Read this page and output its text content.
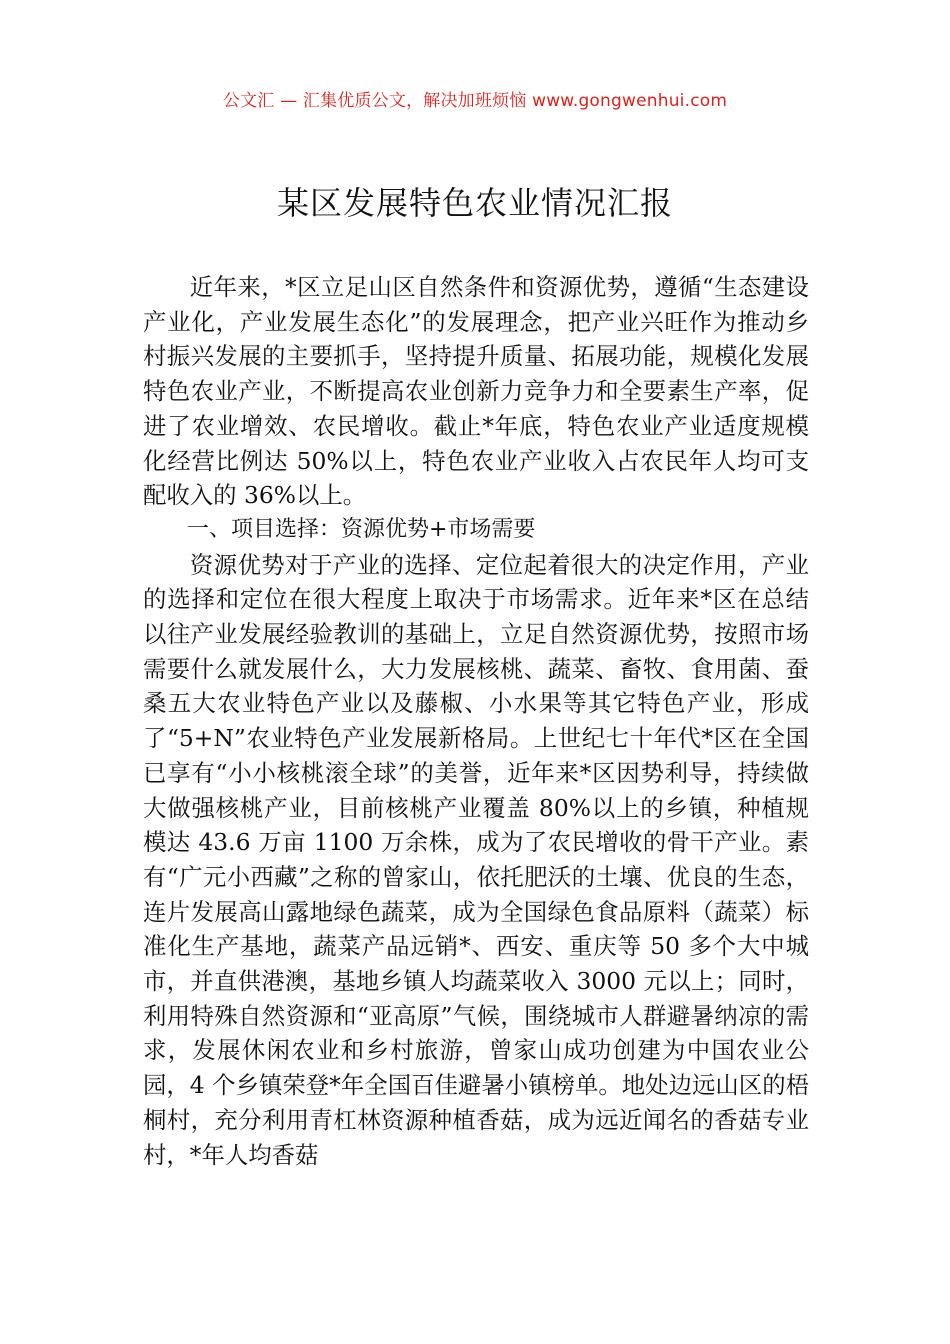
公文汇 — 汇集优质公文，解决加班烦恼 www.gongwenhui.com
某区发展特色农业情况汇报

近年来，*区立足山区自然条件和资源优势，遵循“生态建设产业化，产业发展生态化”的发展理念，把产业兴旺作为推动乡村振兴发展的主要抓手，坚持提升质量、拓展功能，规模化发展特色农业产业，不断提高农业创新力竞争力和全要素生产率，促进了农业增效、农民增收。截止*年底，特色农业产业适度规模化经营比例达 50%以上，特色农业产业收入占农民年人均可支配收入的 36%以上。

一、项目选择：资源优势+市场需要

资源优势对于产业的选择、定位起着很大的决定作用，产业的选择和定位在很大程度上取决于市场需求。近年来*区在总结以往产业发展经验教训的基础上，立足自然资源优势，按照市场需要什么就发展什么，大力发展核桃、蔬菜、畜牧、食用菌、蚕桑五大农业特色产业以及藤椒、小水果等其它特色产业，形成了“5+N”农业特色产业发展新格局。上世纪七十年代*区在全国已享有“小小核桃滚全球”的美誉，近年来*区因势利导，持续做大做强核桃产业，目前核桃产业覆盖 80%以上的乡镇，种植规模达 43.6 万亩 1100 万余株，成为了农民增收的骨干产业。素有“广元小西藏”之称的曾家山，依托肥沃的土壤、优良的生态，连片发展高山露地绿色蔬菜，成为全国绿色食品原料（蔬菜）标准化生产基地，蔬菜产品远销*、西安、重庆等 50 多个大中城市，并直供港澳，基地乡镇人均蔬菜收入 3000 元以上；同时，利用特殊自然资源和“亚高原”气候，围绕城市人群避暑纳凉的需求，发展休闲农业和乡村旅游，曾家山成功创建为中国农业公园，4 个乡镇荣登*年全国百佳避暑小镇榜单。地处边远山区的梧桐村，充分利用青杠林资源种植香菇，成为远近闻名的香菇专业村，*年人均香菇
